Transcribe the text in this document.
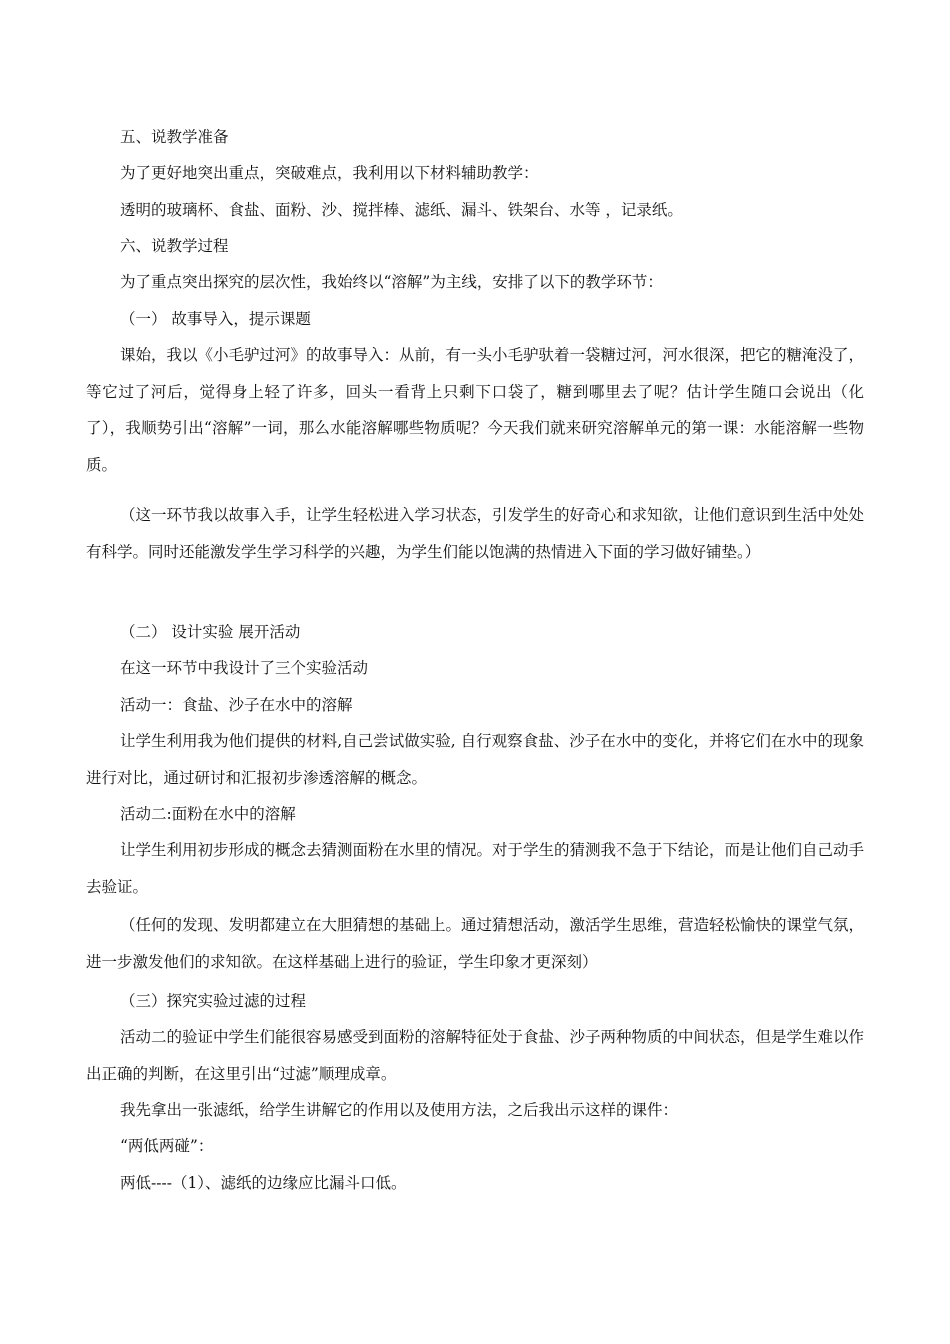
五、说教学准备

为了更好地突出重点，突破难点，我利用以下材料辅助教学：

透明的玻璃杯、食盐、面粉、沙、搅拌棒、滤纸、漏斗、铁架台、水等 ，记录纸。

六、说教学过程

为了重点突出探究的层次性，我始终以“溶解”为主线，安排了以下的教学环节：

（一） 故事导入，提示课题

课始，我以《小毛驴过河》的故事导入：从前，有一头小毛驴驮着一袋糖过河，河水很深，把它的糖淹没了，等它过了河后，觉得身上轻了许多，回头一看背上只剩下口袋了，糖到哪里去了呢？估计学生随口会说出（化了），我顺势引出“溶解”一词，那么水能溶解哪些物质呢？今天我们就来研究溶解单元的第一课：水能溶解一些物质。

（这一环节我以故事入手，让学生轻松进入学习状态，引发学生的好奇心和求知欲，让他们意识到生活中处处有科学。同时还能激发学生学习科学的兴趣，为学生们能以饱满的热情进入下面的学习做好铺垫。）

（二） 设计实验 展开活动

在这一环节中我设计了三个实验活动

活动一：食盐、沙子在水中的溶解

让学生利用我为他们提供的材料,自己尝试做实验, 自行观察食盐、沙子在水中的变化，并将它们在水中的现象进行对比，通过研讨和汇报初步渗透溶解的概念。

活动二:面粉在水中的溶解

让学生利用初步形成的概念去猜测面粉在水里的情况。对于学生的猜测我不急于下结论，而是让他们自己动手去验证。

（任何的发现、发明都建立在大胆猜想的基础上。通过猜想活动，激活学生思维，营造轻松愉快的课堂气氛，进一步激发他们的求知欲。在这样基础上进行的验证，学生印象才更深刻）

（三）探究实验过滤的过程

活动二的验证中学生们能很容易感受到面粉的溶解特征处于食盐、沙子两种物质的中间状态，但是学生难以作出正确的判断，在这里引出“过滤”顺理成章。

我先拿出一张滤纸，给学生讲解它的作用以及使用方法，之后我出示这样的课件：

“两低两碰”：

两低----（1）、滤纸的边缘应比漏斗口低。
